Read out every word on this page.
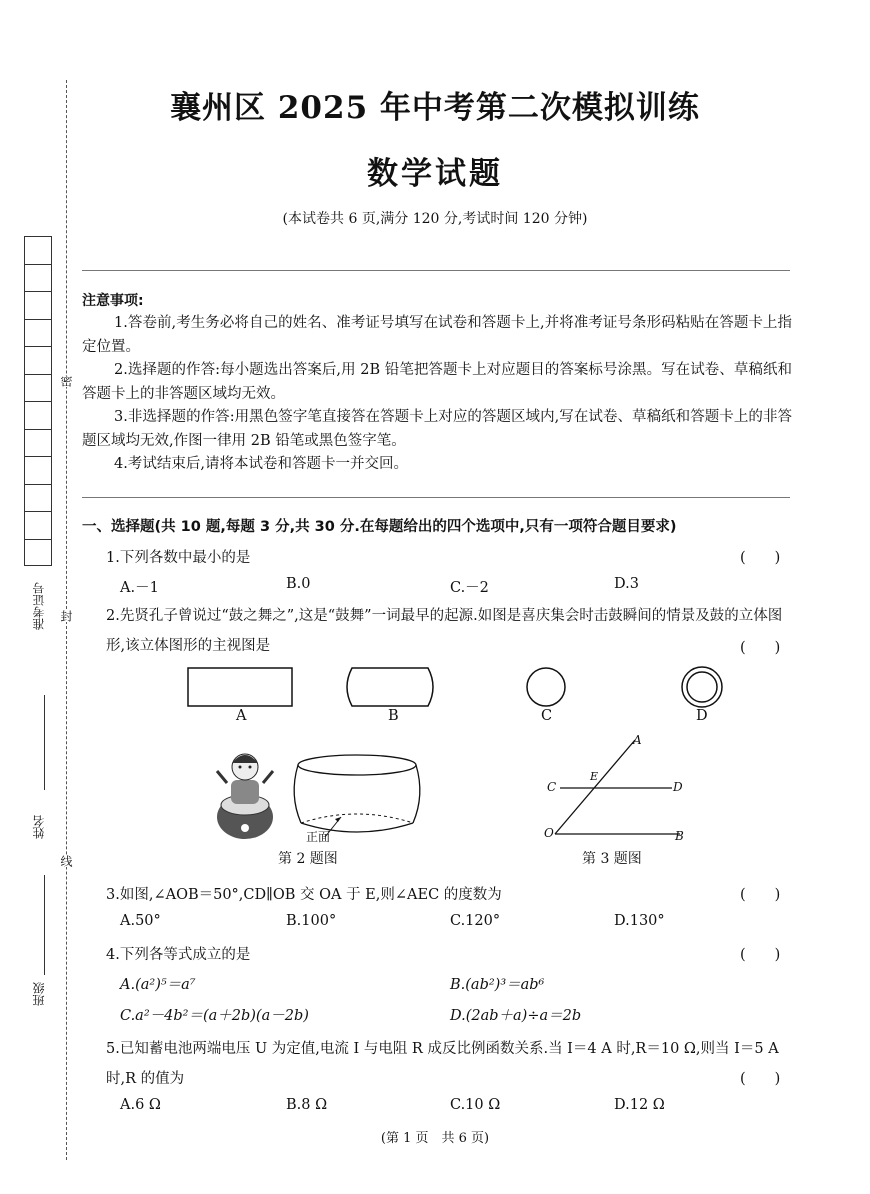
密
封
线
准考证号
姓名
班级
襄州区 2025 年中考第二次模拟训练
数学试题
(本试卷共 6 页,满分 120 分,考试时间 120 分钟)
注意事项:
1.答卷前,考生务必将自己的姓名、准考证号填写在试卷和答题卡上,并将准考证号条形码粘贴在答题卡上指定位置。
2.选择题的作答:每小题选出答案后,用 2B 铅笔把答题卡上对应题目的答案标号涂黑。写在试卷、草稿纸和答题卡上的非答题区域均无效。
3.非选择题的作答:用黑色签字笔直接答在答题卡上对应的答题区域内,写在试卷、草稿纸和答题卡上的非答题区域均无效,作图一律用 2B 铅笔或黑色签字笔。
4.考试结束后,请将本试卷和答题卡一并交回。
一、选择题(共 10 题,每题 3 分,共 30 分.在每题给出的四个选项中,只有一项符合题目要求)
1.下列各数中最小的是	(　　)
A.－1	B.0	C.－2	D.3
2.先贤孔子曾说过“鼓之舞之”,这是“鼓舞”一词最早的起源.如图是喜庆集会时击鼓瞬间的情景及鼓的立体图形,该立体图形的主视图是	(　　)
A	B	C	D
正面
第 2 题图
A
E
C	D
O	B
第 3 题图
3.如图,∠AOB＝50°,CD∥OB 交 OA 于 E,则∠AEC 的度数为	(　　)
A.50°	B.100°	C.120°	D.130°
4.下列各等式成立的是	(　　)
A.(a²)⁵＝a⁷	B.(ab²)³＝ab⁶
C.a²－4b²＝(a＋2b)(a－2b)	D.(2ab＋a)÷a＝2b
5.已知蓄电池两端电压 U 为定值,电流 I 与电阻 R 成反比例函数关系.当 I＝4 A 时,R＝10 Ω,则当 I＝5 A 时,R 的值为	(　　)
A.6 Ω	B.8 Ω	C.10 Ω	D.12 Ω
(第 1 页　共 6 页)
